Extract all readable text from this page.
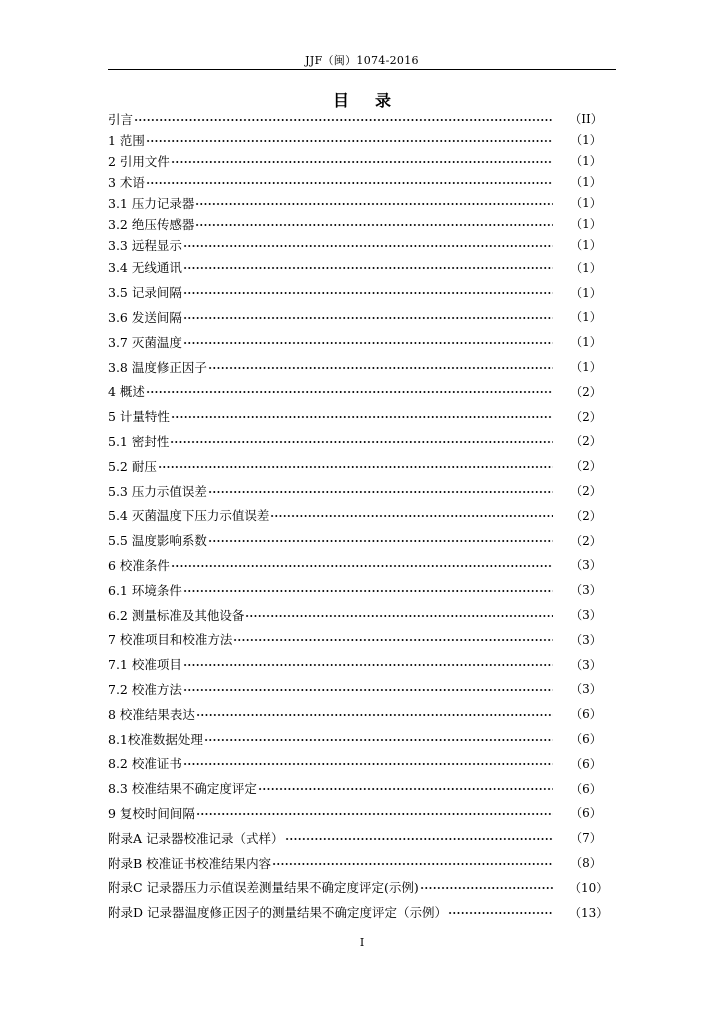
JJF（闽）1074-2016
目录
引言	（II）
1 范围	（1）
2 引用文件	（1）
3 术语	（1）
3.1 压力记录器	（1）
3.2 绝压传感器	（1）
3.3 远程显示	（1）
3.4 无线通讯	（1）
3.5 记录间隔	（1）
3.6 发送间隔	（1）
3.7 灭菌温度	（1）
3.8 温度修正因子	（1）
4 概述	（2）
5 计量特性	（2）
5.1 密封性	（2）
5.2 耐压	（2）
5.3 压力示值误差	（2）
5.4 灭菌温度下压力示值误差	（2）
5.5 温度影响系数	（2）
6 校准条件	（3）
6.1 环境条件	（3）
6.2 测量标准及其他设备	（3）
7 校准项目和校准方法	（3）
7.1 校准项目	（3）
7.2 校准方法	（3）
8 校准结果表达	（6）
8.1校准数据处理	（6）
8.2 校准证书	（6）
8.3 校准结果不确定度评定	（6）
9 复校时间间隔	（6）
附录A 记录器校准记录（式样）	（7）
附录B 校准证书校准结果内容	（8）
附录C 记录器压力示值误差测量结果不确定度评定(示例)	（10）
附录D 记录器温度修正因子的测量结果不确定度评定（示例）	（13）
I
